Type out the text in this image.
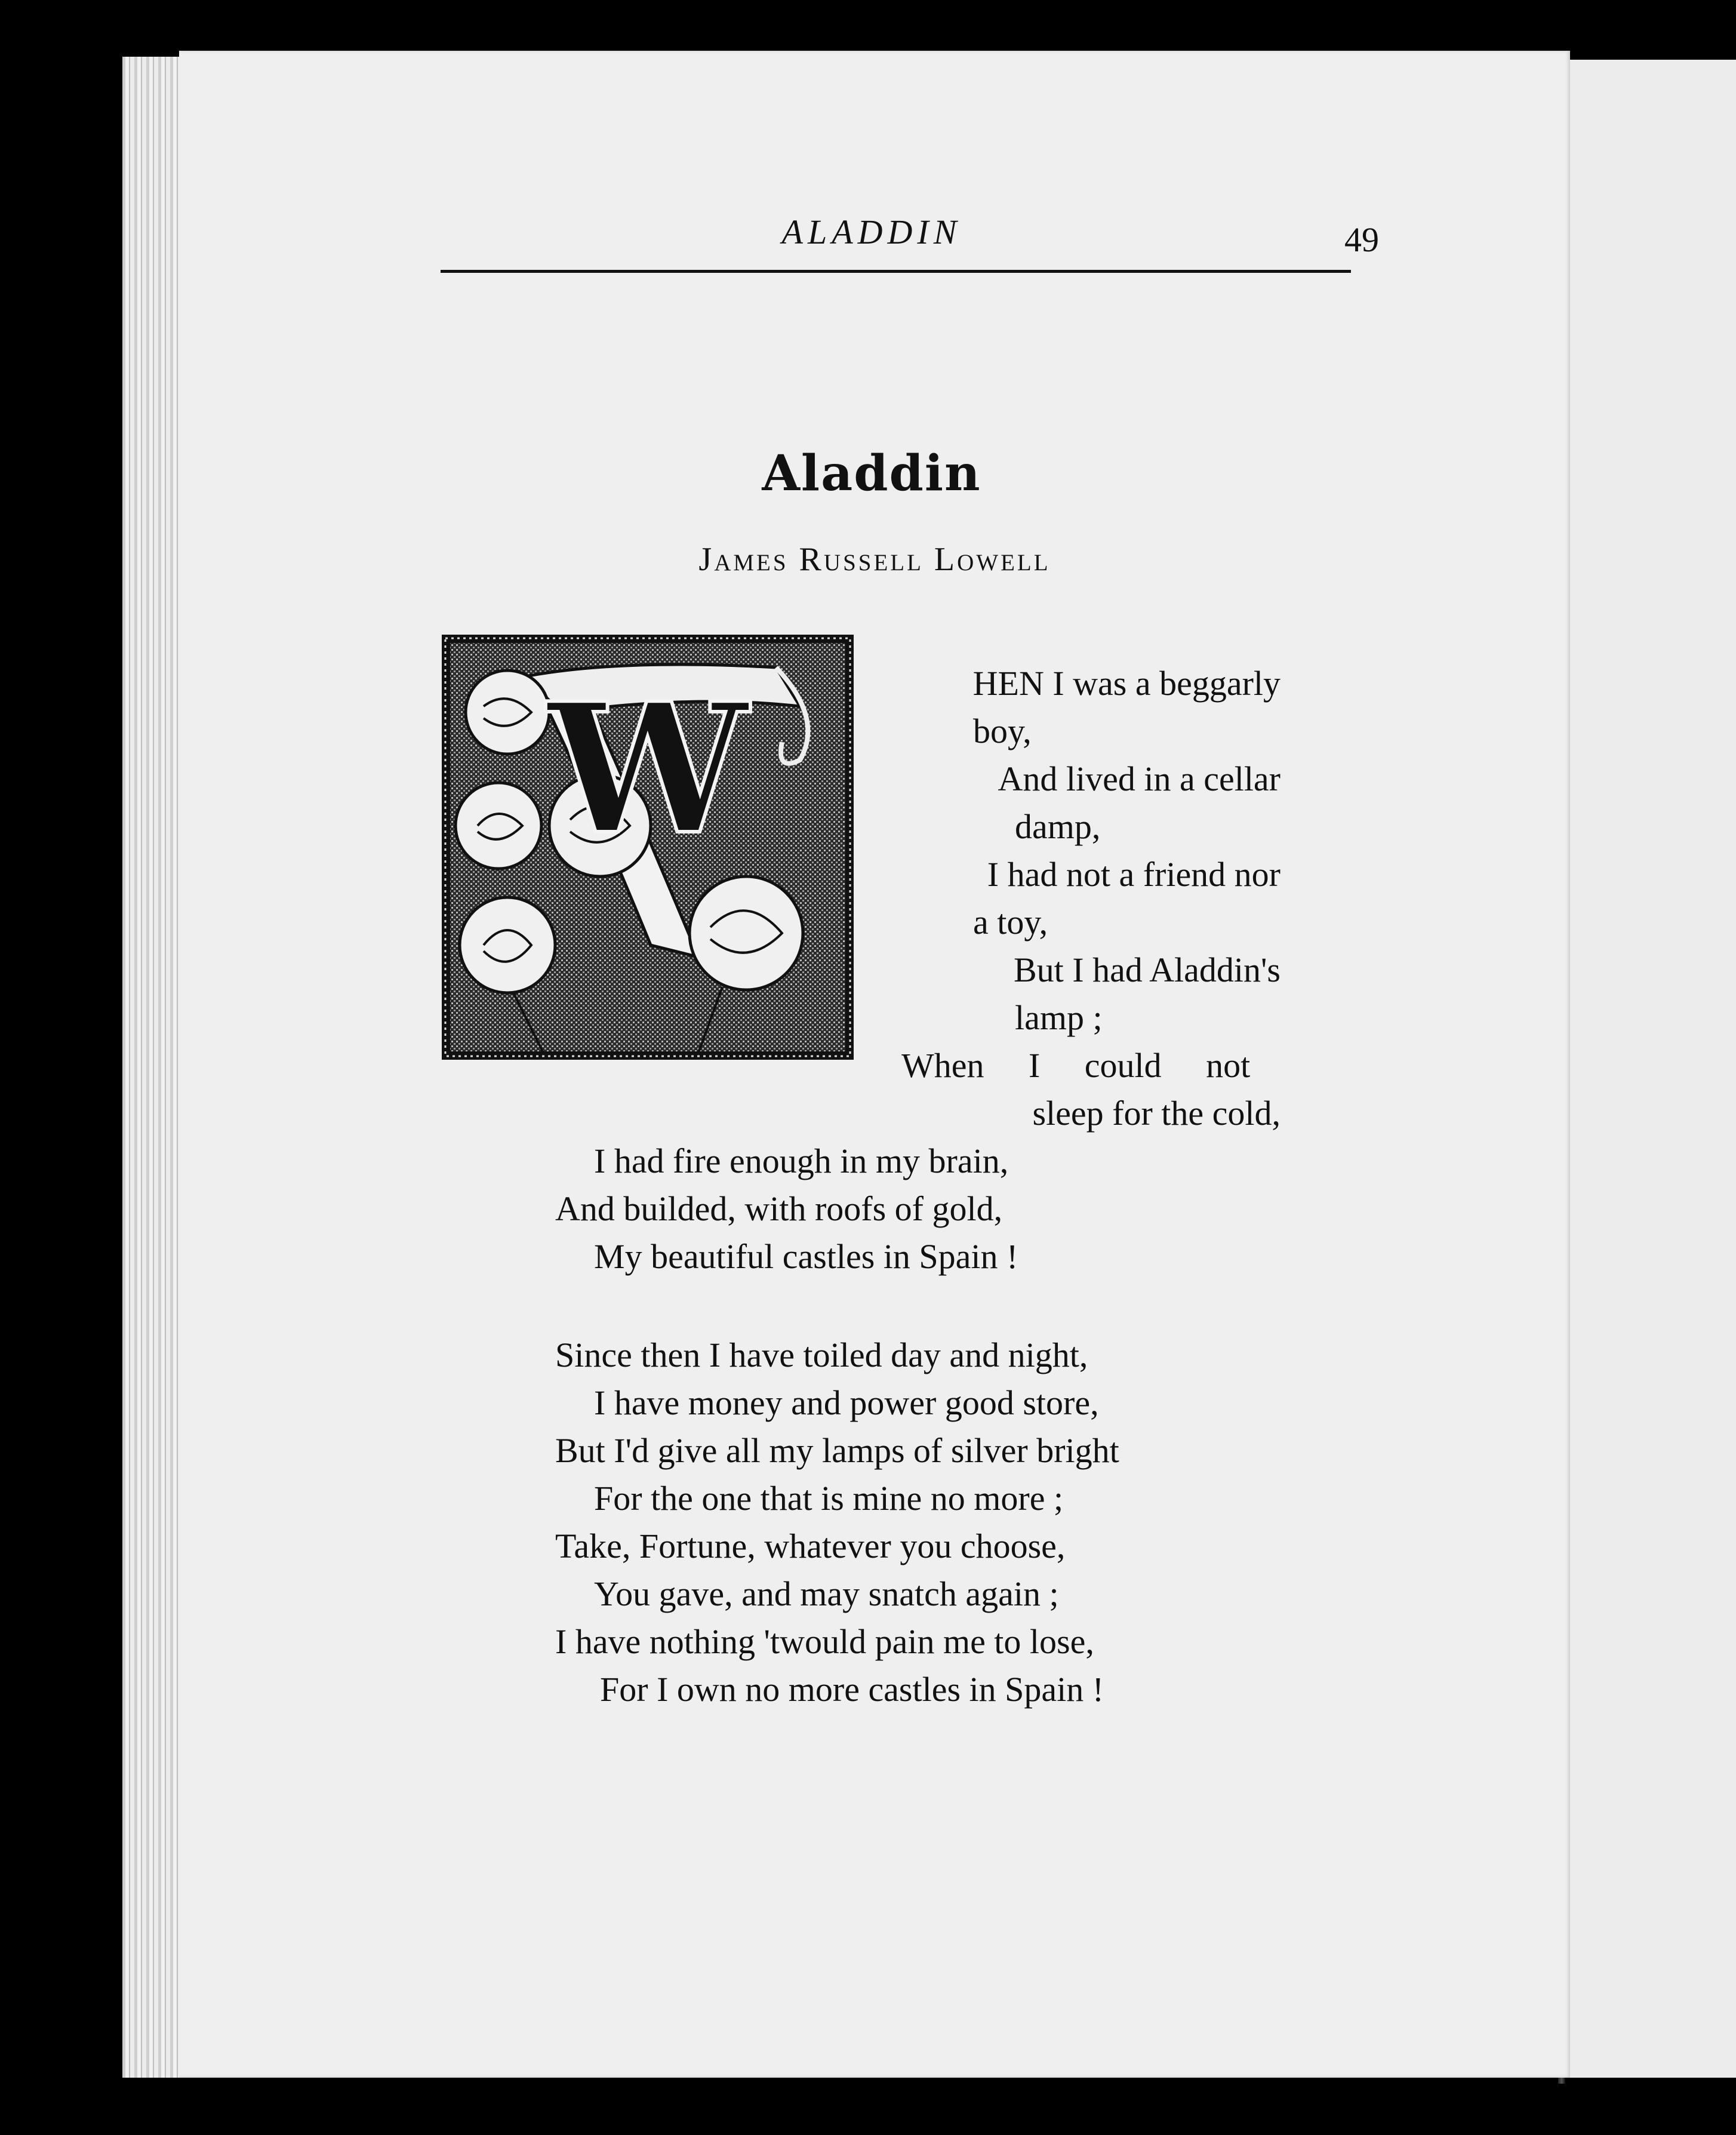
ALADDIN	49
Aladdin
James Russell Lowell
W	HEN I was a beggarly
boy,
And lived in a cellar
damp,
I had not a friend nor
a toy,
But I had Aladdin's
lamp ;
When I could not
sleep for the cold,
I had fire enough in my brain,
And builded, with roofs of gold,
My beautiful castles in Spain !
Since then I have toiled day and night,
I have money and power good store,
But I'd give all my lamps of silver bright
For the one that is mine no more ;
Take, Fortune, whatever you choose,
You gave, and may snatch again ;
I have nothing 'twould pain me to lose,
For I own no more castles in Spain !
